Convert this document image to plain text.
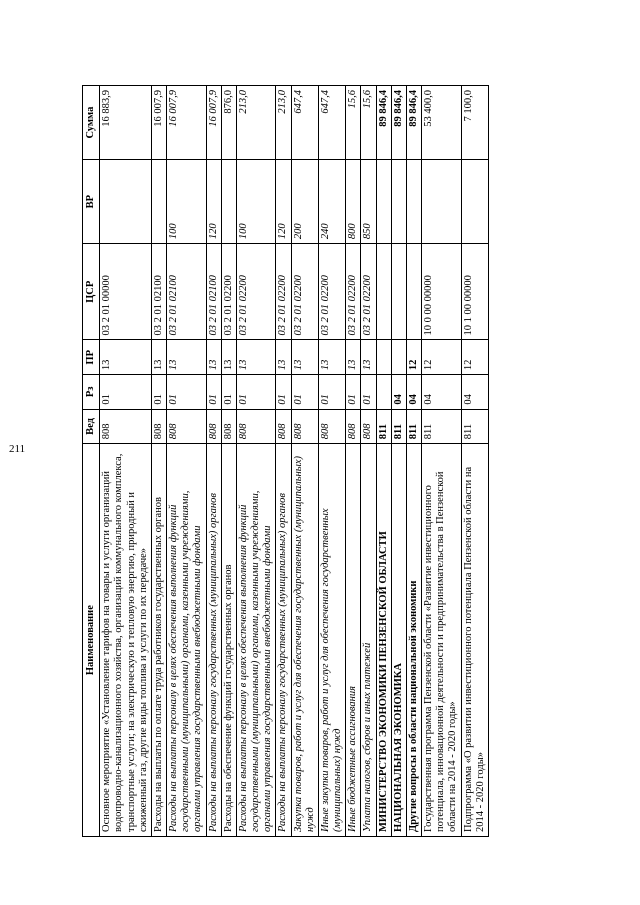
211
Наименование	Вед	Рз	ПР	ЦСР	ВР	Сумма
Основное мероприятие «Установление тарифов на товары и услуги организаций водопроводно-канализационного хозяйства, организаций коммунального комплекса, транспортные услуги; на электрическую и тепловую энергию, природный и сжиженный газ, другие виды топлива и услуги по их передаче»	808	01	13	03 2 01 00000		16 883,9
Расходы на выплаты по оплате труда работников государственных органов	808	01	13	03 2 01 02100		16 007,9
Расходы на выплаты персоналу в целях обеспечения выполнения функций государственными (муниципальными) органами, казенными учреждениями, органами управления государственными внебюджетными фондами	808	01	13	03 2 01 02100	100	16 007,9
Расходы на выплаты персоналу государственных (муниципальных) органов	808	01	13	03 2 01 02100	120	16 007,9
Расходы на обеспечение функций государственных органов	808	01	13	03 2 01 02200		876,0
Расходы на выплаты персоналу в целях обеспечения выполнения функций государственными (муниципальными) органами, казенными учреждениями, органами управления государственными внебюджетными фондами	808	01	13	03 2 01 02200	100	213,0
Расходы на выплаты персоналу государственных (муниципальных) органов	808	01	13	03 2 01 02200	120	213,0
Закупка товаров, работ и услуг для обеспечения государственных (муниципальных) нужд	808	01	13	03 2 01 02200	200	647,4
Иные закупки товаров, работ и услуг для обеспечения государственных (муниципальных) нужд	808	01	13	03 2 01 02200	240	647,4
Иные бюджетные ассигнования	808	01	13	03 2 01 02200	800	15,6
Уплата налогов, сборов и иных платежей	808	01	13	03 2 01 02200	850	15,6
МИНИСТЕРСТВО ЭКОНОМИКИ ПЕНЗЕНСКОЙ ОБЛАСТИ	811					89 846,4
НАЦИОНАЛЬНАЯ ЭКОНОМИКА	811	04				89 846,4
Другие вопросы в области национальной экономики	811	04	12			89 846,4
Государственная программа Пензенской области «Развитие инвестиционного потенциала, инновационной деятельности и предпринимательства в Пензенской области на 2014 - 2020 годы»	811	04	12	10 0 00 00000		53 400,0
Подпрограмма «О развитии инвестиционного потенциала Пензенской области на 2014 - 2020 годы»	811	04	12	10 1 00 00000		7 100,0
